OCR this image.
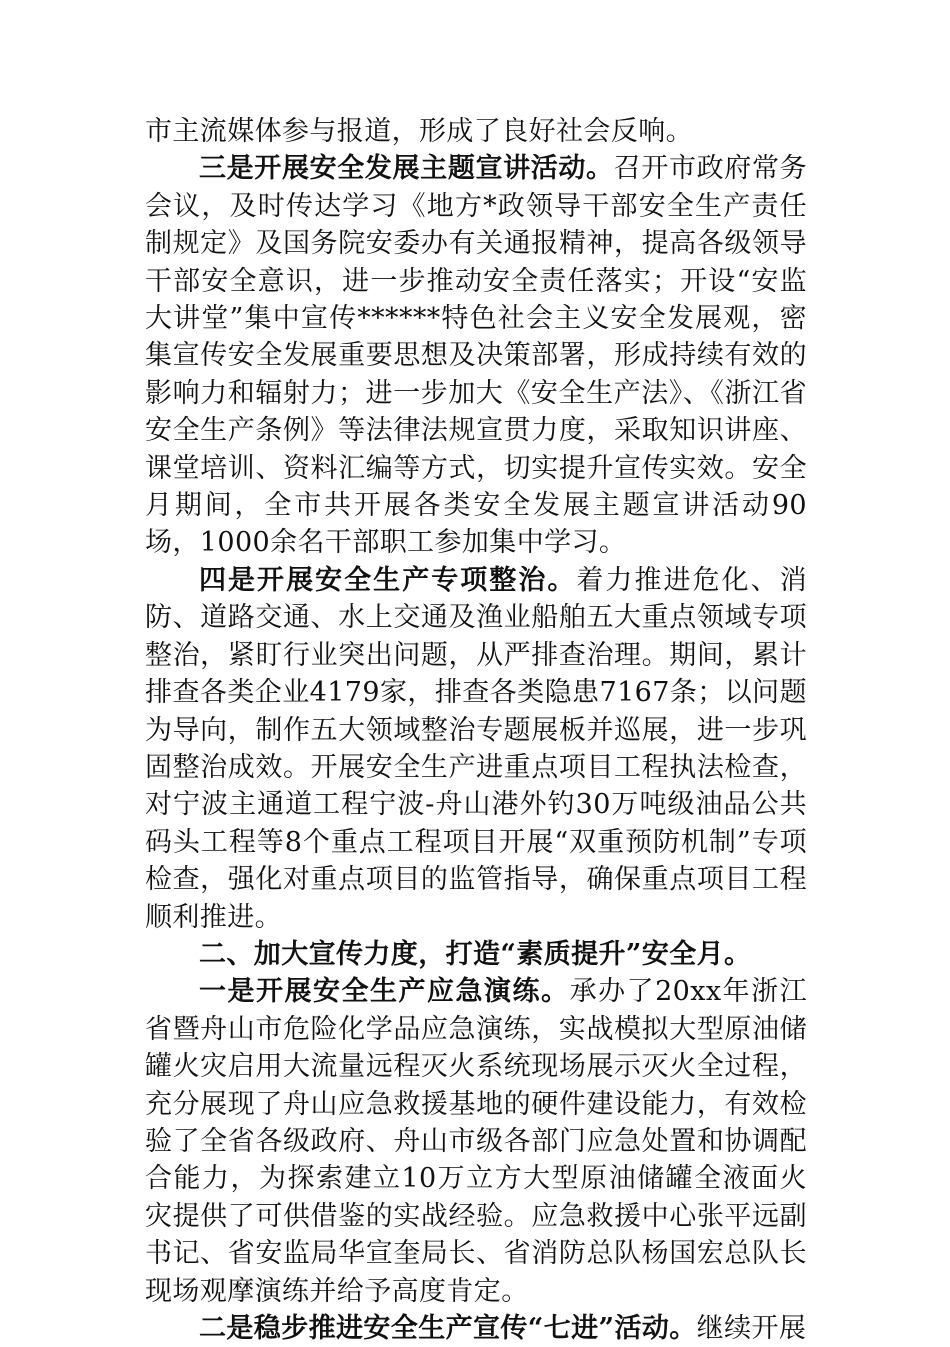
市主流媒体参与报道，形成了良好社会反响。

三是开展安全发展主题宣讲活动。召开市政府常务会议，及时传达学习《地方*政领导干部安全生产责任制规定》及国务院安委办有关通报精神，提高各级领导干部安全意识，进一步推动安全责任落实；开设“安监大讲堂”集中宣传******特色社会主义安全发展观，密集宣传安全发展重要思想及决策部署，形成持续有效的影响力和辐射力；进一步加大《安全生产法》、《浙江省安全生产条例》等法律法规宣贯力度，采取知识讲座、课堂培训、资料汇编等方式，切实提升宣传实效。安全月期间，全市共开展各类安全发展主题宣讲活动90场，1000余名干部职工参加集中学习。

四是开展安全生产专项整治。着力推进危化、消防、道路交通、水上交通及渔业船舶五大重点领域专项整治，紧盯行业突出问题，从严排查治理。期间，累计排查各类企业4179家，排查各类隐患7167条；以问题为导向，制作五大领域整治专题展板并巡展，进一步巩固整治成效。开展安全生产进重点项目工程执法检查，对宁波主通道工程宁波-舟山港外钓30万吨级油品公共码头工程等8个重点工程项目开展“双重预防机制”专项检查，强化对重点项目的监管指导，确保重点项目工程顺利推进。

二、加大宣传力度，打造“素质提升”安全月。

一是开展安全生产应急演练。承办了20xx年浙江省暨舟山市危险化学品应急演练，实战模拟大型原油储罐火灾启用大流量远程灭火系统现场展示灭火全过程，充分展现了舟山应急救援基地的硬件建设能力，有效检验了全省各级政府、舟山市级各部门应急处置和协调配合能力，为探索建立10万立方大型原油储罐全液面火灾提供了可供借鉴的实战经验。应急救援中心张平远副书记、省安监局华宣奎局长、省消防总队杨国宏总队长现场观摩演练并给予高度肯定。

二是稳步推进安全生产宣传“七进”活动。继续开展
